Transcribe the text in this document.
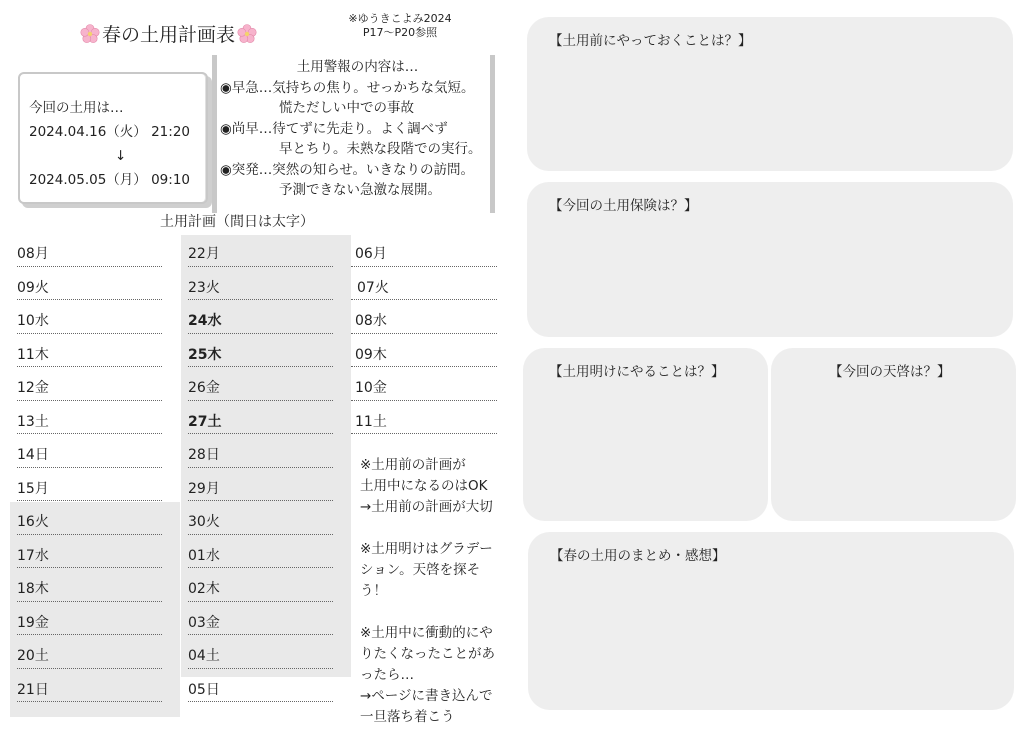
春の土用計画表
※ゆうきこよみ2024
P17〜P20参照
今回の土用は…
2024.04.16（火） 21:20
↓
2024.05.05（月） 09:10
土用警報の内容は…
◉早急…気持ちの焦り。せっかちな気短。
慌ただしい中での事故
◉尚早…待てずに先走り。よく調べず
早とちり。未熟な段階での実行。
◉突発…突然の知らせ。いきなりの訪問。
予測できない急激な展開。
土用計画（間日は太字）
08月
09火
10水
11木
12金
13土
14日
15月
16火
17水
18木
19金
20土
21日
22月
23火
24水
25木
26金
27土
28日
29月
30火
01水
02木
03金
04土
05日
06月
07火
08水
09木
10金
11土

※土用前の計画が
土用中になるのはOK
→土用前の計画が大切

※土用明けはグラデー
ション。天啓を探そ
う！

※土用中に衝動的にや
りたくなったことがあ
ったら…
→ページに書き込んで
一旦落ち着こう

【土用前にやっておくことは？】
【今回の土用保険は？】
【土用明けにやることは？】	【今回の天啓は？】
【春の土用のまとめ・感想】
